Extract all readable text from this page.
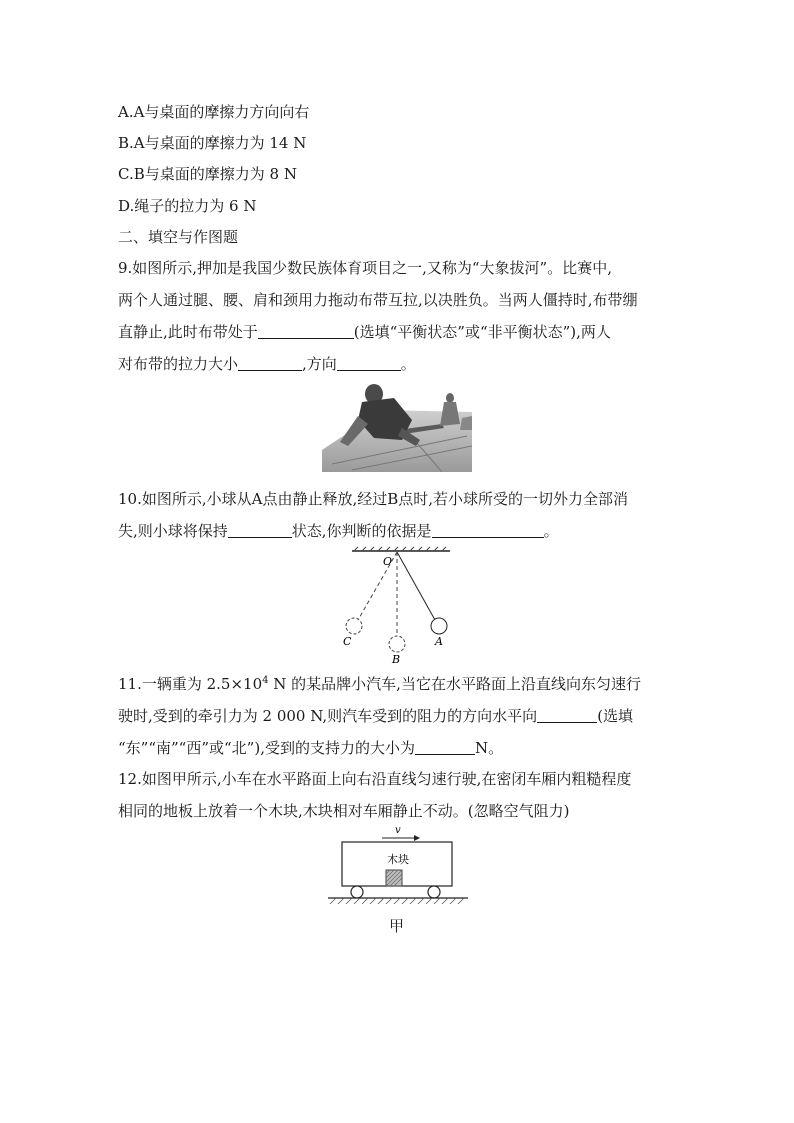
A.A与桌面的摩擦力方向向右
B.A与桌面的摩擦力为 14 N
C.B与桌面的摩擦力为 8 N
D.绳子的拉力为 6 N
二、填空与作图题
9.如图所示,押加是我国少数民族体育项目之一,又称为“大象拔河”。比赛中,
两个人通过腿、腰、肩和颈用力拖动布带互拉,以决胜负。当两人僵持时,布带绷
直静止,此时布带处于	(选填“平衡状态”或“非平衡状态”),两人
对布带的拉力大小	,方向	。
10.如图所示,小球从A点由静止释放,经过B点时,若小球所受的一切外力全部消
失,则小球将保持	状态,你判断的依据是	。
O
A
B
C
11.一辆重为 $2.5\times 10^4$ N 的某品牌小汽车,当它在水平路面上沿直线向东匀速行
驶时,受到的牵引力为 2 000 N,则汽车受到的阻力的方向水平向	(选填
“东”“南”“西”或“北”),受到的支持力的大小为	N。
12.如图甲所示,小车在水平路面上向右沿直线匀速行驶,在密闭车厢内粗糙程度
相同的地板上放着一个木块,木块相对车厢静止不动。(忽略空气阻力)
v
木块
甲
